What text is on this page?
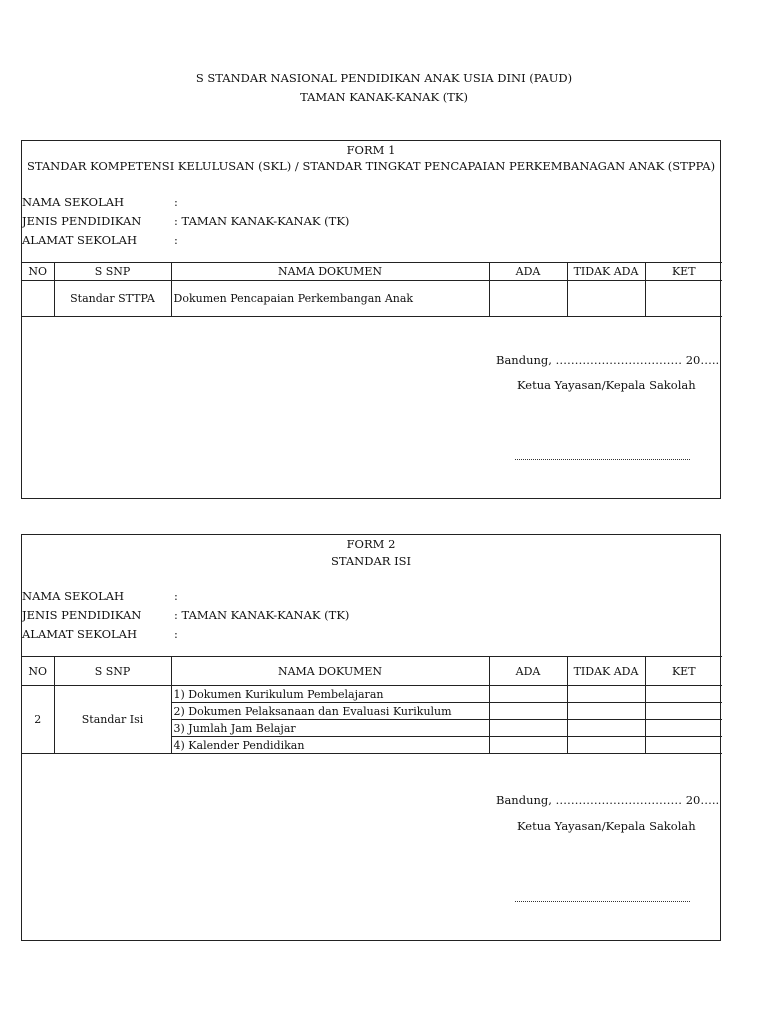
S STANDAR NASIONAL PENDIDIKAN ANAK USIA DINI (PAUD)
TAMAN KANAK-KANAK (TK)
FORM 1
STANDAR KOMPETENSI KELULUSAN (SKL) / STANDAR TINGKAT PENCAPAIAN PERKEMBANAGAN ANAK (STPPA)
NAMA SEKOLAH	:
JENIS PENDIDIKAN	: TAMAN KANAK-KANAK (TK)
ALAMAT SEKOLAH	:
NO	S SNP	NAMA DOKUMEN	ADA	TIDAK ADA	KET
	Standar STTPA	Dokumen Pencapaian Perkembangan Anak			
Bandung, …………………………… 20…..
Ketua Yayasan/Kepala Sakolah
FORM 2
STANDAR ISI
NAMA SEKOLAH	:
JENIS PENDIDIKAN	: TAMAN KANAK-KANAK (TK)
ALAMAT SEKOLAH	:
NO	S SNP	NAMA DOKUMEN	ADA	TIDAK ADA	KET
2	Standar Isi	1) Dokumen Kurikulum Pembelajaran			
		2) Dokumen Pelaksanaan dan Evaluasi Kurikulum			
		3) Jumlah Jam Belajar			
		4) Kalender Pendidikan			
Bandung, …………………………… 20…..
Ketua Yayasan/Kepala Sakolah
